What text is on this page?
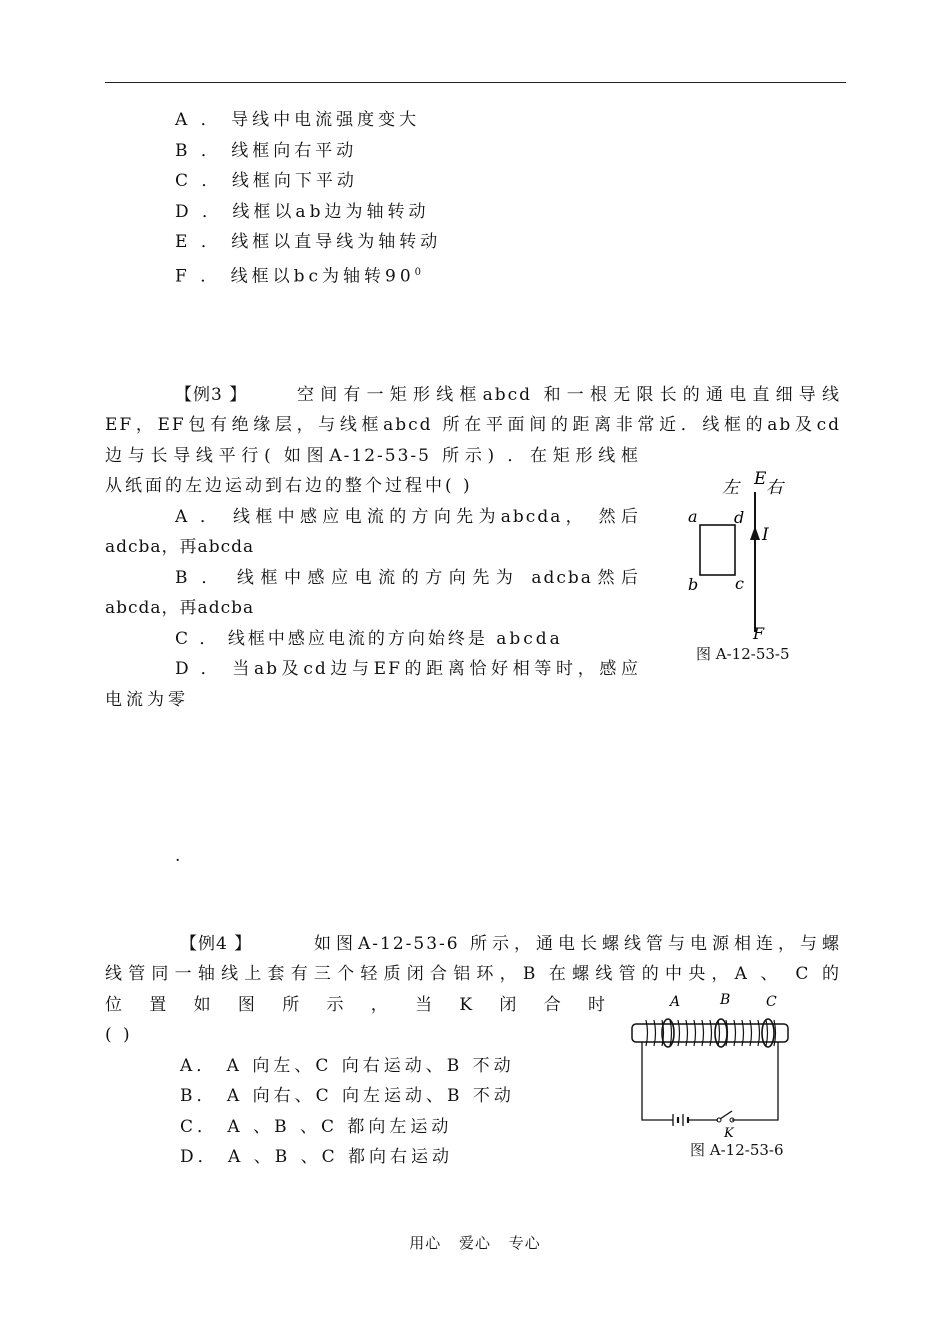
A ． 导线中电流强度变大
B ． 线框向右平动
C ． 线框向下平动
D ． 线框以ab边为轴转动
E ． 线框以直导线为轴转动
F ． 线框以bc为轴转$90^0$
【例3 】	空间有一矩形线框abcd 和一根无限长的通电直细导线
EF，EF包有绝缘层，与线框abcd 所在平面间的距离非常近．线框的ab及cd
边与长导线平行( 如图A-12-53-5 所示) ．在矩形线框
从纸面的左边运动到右边的整个过程中( )
A ． 线框中感应电流的方向先为abcda， 然后
adcba，再abcda
B ． 线框中感应电流的方向先为 adcba然后
abcda，再adcba
C ． 线框中感应电流的方向始终是 abcda
D ． 当ab及cd边与EF的距离恰好相等时，感应
电流为零
左 E 右
I
a d
b c
F
图 A-12-53-5
.
【例4 】	如图A-12-53-6 所示，通电长螺线管与电源相连，与螺
线管同一轴线上套有三个轻质闭合铝环，B 在螺线管的中央，A 、 C 的
位置如图所示，当K闭合时
( )
A． A 向左、C 向右运动、B 不动
B． A 向右、C 向左运动、B 不动
C． A 、B 、C 都向左运动
D． A 、B 、C 都向右运动
A	B	C
K
图 A-12-53-6
用心 爱心 专心
